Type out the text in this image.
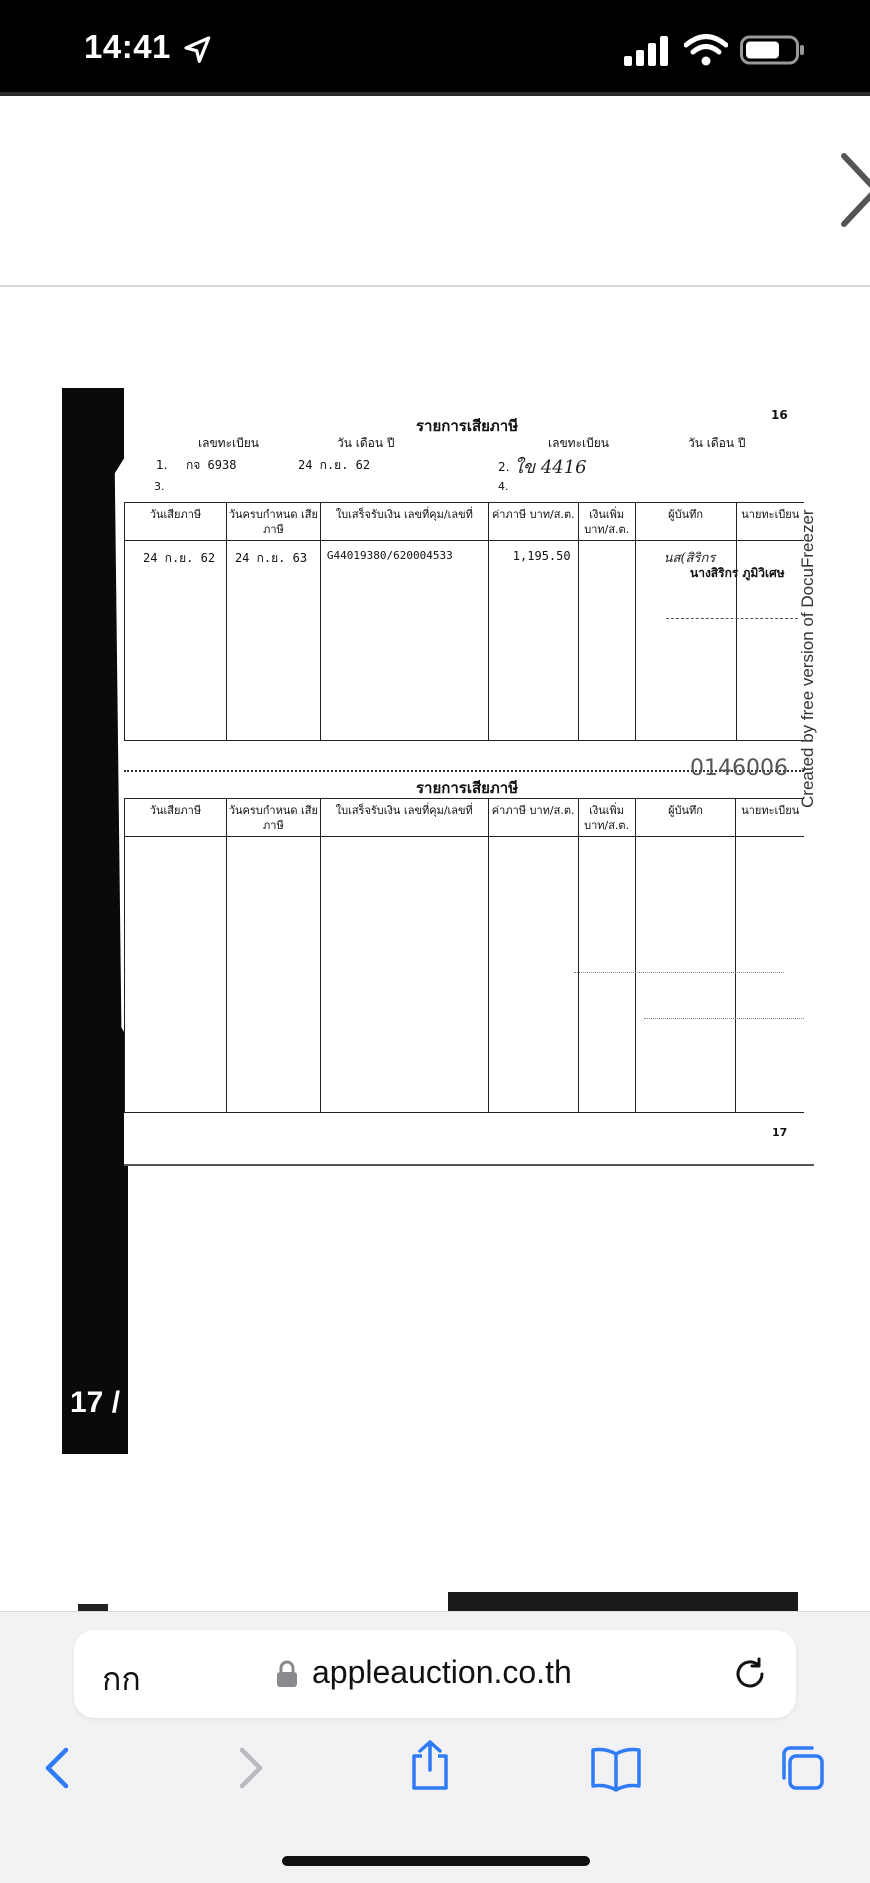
14:41
17 / 4
รายการเสียภาษี
16
เลขทะเบียน	วัน เดือน ปี	เลขทะเบียน	วัน เดือน ปี
1. กจ 6938	24 ก.ย. 62	2. ใข 4416
3.	4.
วันเสียภาษี	วันครบกำหนด เสียภาษี	ใบเสร็จรับเงิน เลขที่คุม/เลขที่	ค่าภาษี บาท/ส.ต.	เงินเพิ่ม บาท/ส.ต.	ผู้บันทึก	นายทะเบียน

24 ก.ย. 62	24 ก.ย. 63	G44019380/620004533	1,195.50		นส(สิริกร	

นางสิริกร ภูมิวิเศษ
0146006
รายการเสียภาษี
วันเสียภาษี	วันครบกำหนด เสียภาษี	ใบเสร็จรับเงิน เลขที่คุม/เลขที่	ค่าภาษี บาท/ส.ต.	เงินเพิ่ม บาท/ส.ต.	ผู้บันทึก	นายทะเบียน

17
Created by free version of DocuFreezer
กก	appleauction.co.th
